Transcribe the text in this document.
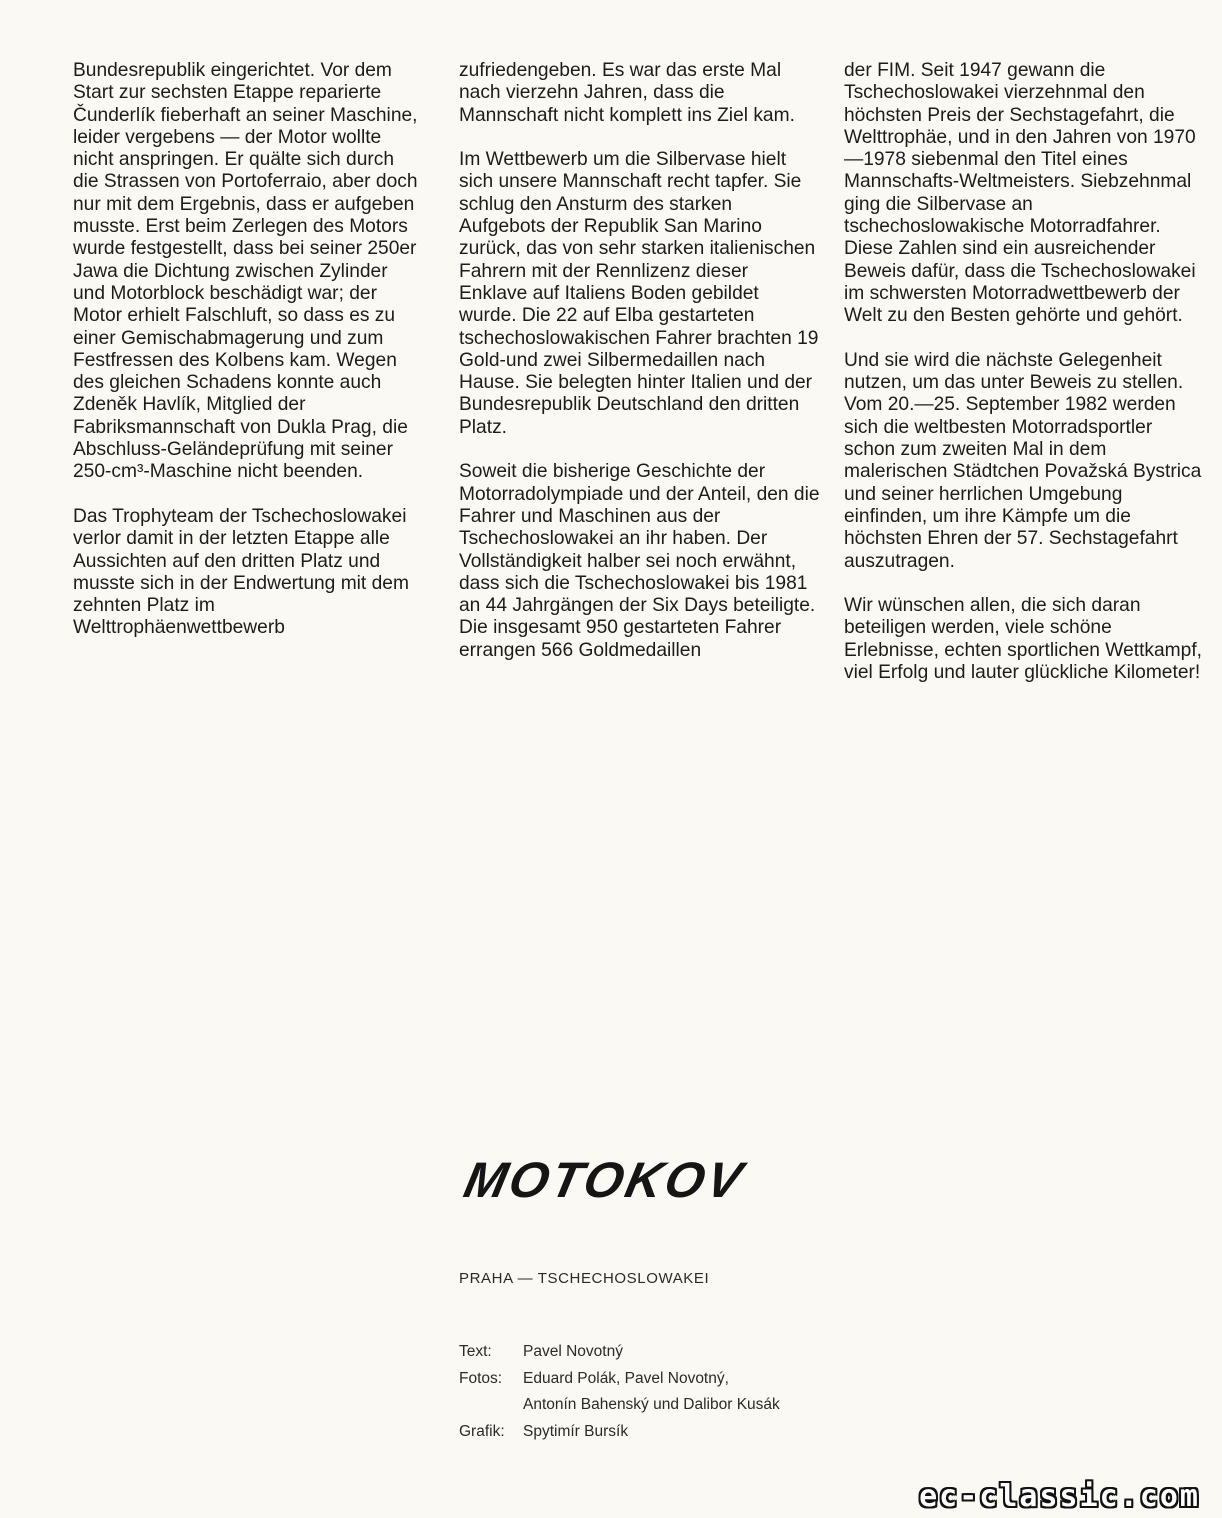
Bundesrepublik eingerichtet. Vor dem Start zur sechsten Etappe reparierte Čunderlík fieberhaft an seiner Maschine, leider vergebens — der Motor wollte nicht anspringen. Er quälte sich durch die Strassen von Portoferraio, aber doch nur mit dem Ergebnis, dass er aufgeben musste. Erst beim Zerlegen des Motors wurde festgestellt, dass bei seiner 250er Jawa die Dichtung zwischen Zylinder und Motorblock beschädigt war; der Motor erhielt Falschluft, so dass es zu einer Gemischabmagerung und zum Festfressen des Kolbens kam. Wegen des gleichen Schadens konnte auch Zdeněk Havlík, Mitglied der Fabriksmannschaft von Dukla Prag, die Abschluss-Geländeprüfung mit seiner 250-cm³-Maschine nicht beenden.

Das Trophyteam der Tschechoslowakei verlor damit in der letzten Etappe alle Aussichten auf den dritten Platz und musste sich in der Endwertung mit dem zehnten Platz im Welttrophäenwettbewerb

zufriedengeben. Es war das erste Mal nach vierzehn Jahren, dass die Mannschaft nicht komplett ins Ziel kam.

Im Wettbewerb um die Silbervase hielt sich unsere Mannschaft recht tapfer. Sie schlug den Ansturm des starken Aufgebots der Republik San Marino zurück, das von sehr starken italienischen Fahrern mit der Rennlizenz dieser Enklave auf Italiens Boden gebildet wurde. Die 22 auf Elba gestarteten tschechoslowakischen Fahrer brachten 19 Gold-und zwei Silbermedaillen nach Hause. Sie belegten hinter Italien und der Bundesrepublik Deutschland den dritten Platz.

Soweit die bisherige Geschichte der Motorradolympiade und der Anteil, den die Fahrer und Maschinen aus der Tschechoslowakei an ihr haben. Der Vollständigkeit halber sei noch erwähnt, dass sich die Tschechoslowakei bis 1981 an 44 Jahrgängen der Six Days beteiligte. Die insgesamt 950 gestarteten Fahrer errangen 566 Goldmedaillen

der FIM. Seit 1947 gewann die Tschechoslowakei vierzehnmal den höchsten Preis der Sechstagefahrt, die Welttrophäe, und in den Jahren von 1970—1978 siebenmal den Titel eines Mannschafts-Weltmeisters. Siebzehnmal ging die Silbervase an tschechoslowakische Motorradfahrer. Diese Zahlen sind ein ausreichender Beweis dafür, dass die Tschechoslowakei im schwersten Motorradwettbewerb der Welt zu den Besten gehörte und gehört.

Und sie wird die nächste Gelegenheit nutzen, um das unter Beweis zu stellen. Vom 20.—25. September 1982 werden sich die weltbesten Motorradsportler schon zum zweiten Mal in dem malerischen Städtchen Považská Bystrica und seiner herrlichen Umgebung einfinden, um ihre Kämpfe um die höchsten Ehren der 57. Sechstagefahrt auszutragen.

Wir wünschen allen, die sich daran beteiligen werden, viele schöne Erlebnisse, echten sportlichen Wettkampf, viel Erfolg und lauter glückliche Kilometer!

MOTOKOV
PRAHA — TSCHECHOSLOWAKEI
Text:	Pavel Novotný
Fotos:	Eduard Polák, Pavel Novotný,
Antonín Bahenský und Dalibor Kusák
Grafik:	Spytimír Bursík
ec-classic.com
